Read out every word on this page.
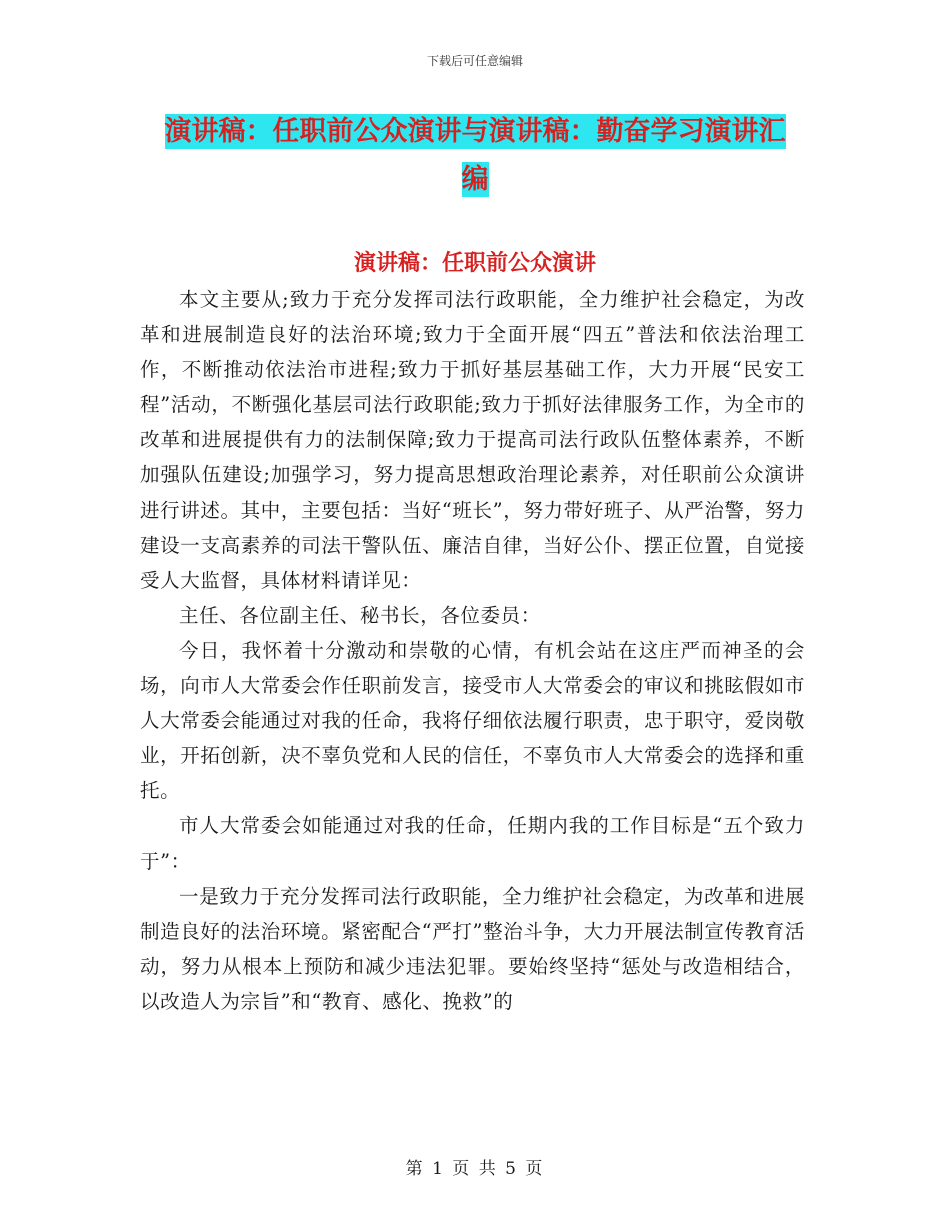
下载后可任意编辑
演讲稿：任职前公众演讲与演讲稿：勤奋学习演讲汇
编
演讲稿：任职前公众演讲

本文主要从;致力于充分发挥司法行政职能，全力维护社会稳定，为改革和进展制造良好的法治环境;致力于全面开展“四五”普法和依法治理工作，不断推动依法治市进程;致力于抓好基层基础工作，大力开展“民安工程”活动，不断强化基层司法行政职能;致力于抓好法律服务工作，为全市的改革和进展提供有力的法制保障;致力于提高司法行政队伍整体素养，不断加强队伍建设;加强学习，努力提高思想政治理论素养，对任职前公众演讲进行讲述。其中，主要包括：当好“班长”，努力带好班子、从严治警，努力建设一支高素养的司法干警队伍、廉洁自律，当好公仆、摆正位置，自觉接受人大监督，具体材料请详见：

主任、各位副主任、秘书长，各位委员：

今日，我怀着十分激动和崇敬的心情，有机会站在这庄严而神圣的会场，向市人大常委会作任职前发言，接受市人大常委会的审议和挑眩假如市人大常委会能通过对我的任命，我将仔细依法履行职责，忠于职守，爱岗敬业，开拓创新，决不辜负党和人民的信任，不辜负市人大常委会的选择和重托。

市人大常委会如能通过对我的任命，任期内我的工作目标是“五个致力于”：

一是致力于充分发挥司法行政职能，全力维护社会稳定，为改革和进展制造良好的法治环境。紧密配合“严打”整治斗争，大力开展法制宣传教育活动，努力从根本上预防和减少违法犯罪。要始终坚持“惩处与改造相结合，以改造人为宗旨”和“教育、感化、挽救”的

第 1 页 共 5 页
